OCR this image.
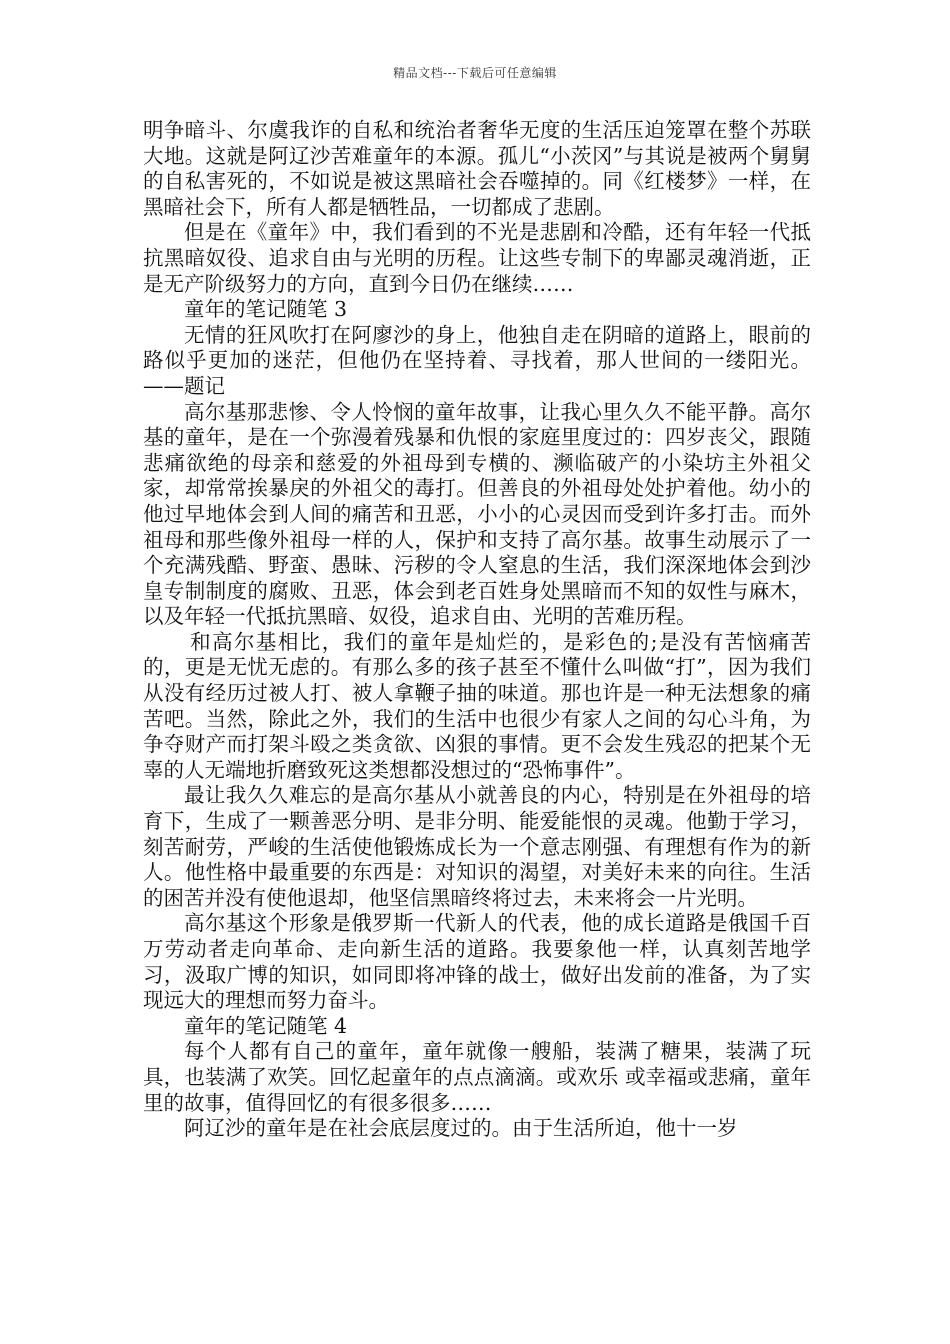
精品文档---下载后可任意编辑

明争暗斗、尔虞我诈的自私和统治者奢华无度的生活压迫笼罩在整个苏联大地。这就是阿辽沙苦难童年的本源。孤儿“小茨冈”与其说是被两个舅舅的自私害死的，不如说是被这黑暗社会吞噬掉的。同《红楼梦》一样，在黑暗社会下，所有人都是牺牲品，一切都成了悲剧。

但是在《童年》中，我们看到的不光是悲剧和冷酷，还有年轻一代抵抗黑暗奴役、追求自由与光明的历程。让这些专制下的卑鄙灵魂消逝，正是无产阶级努力的方向，直到今日仍在继续……

童年的笔记随笔 3

无情的狂风吹打在阿廖沙的身上，他独自走在阴暗的道路上，眼前的路似乎更加的迷茫，但他仍在坚持着、寻找着，那人世间的一缕阳光。——题记

高尔基那悲惨、令人怜悯的童年故事，让我心里久久不能平静。高尔基的童年，是在一个弥漫着残暴和仇恨的家庭里度过的：四岁丧父，跟随悲痛欲绝的母亲和慈爱的外祖母到专横的、濒临破产的小染坊主外祖父家，却常常挨暴戾的外祖父的毒打。但善良的外祖母处处护着他。幼小的他过早地体会到人间的痛苦和丑恶，小小的心灵因而受到许多打击。而外祖母和那些像外祖母一样的人，保护和支持了高尔基。故事生动展示了一个充满残酷、野蛮、愚昧、污秽的令人窒息的生活，我们深深地体会到沙皇专制制度的腐败、丑恶，体会到老百姓身处黑暗而不知的奴性与麻木，以及年轻一代抵抗黑暗、奴役，追求自由、光明的苦难历程。

和高尔基相比，我们的童年是灿烂的，是彩色的;是没有苦恼痛苦的，更是无忧无虑的。有那么多的孩子甚至不懂什么叫做“打”，因为我们从没有经历过被人打、被人拿鞭子抽的味道。那也许是一种无法想象的痛苦吧。当然，除此之外，我们的生活中也很少有家人之间的勾心斗角，为争夺财产而打架斗殴之类贪欲、凶狠的事情。更不会发生残忍的把某个无辜的人无端地折磨致死这类想都没想过的“恐怖事件”。

最让我久久难忘的是高尔基从小就善良的内心，特别是在外祖母的培育下，生成了一颗善恶分明、是非分明、能爱能恨的灵魂。他勤于学习，刻苦耐劳，严峻的生活使他锻炼成长为一个意志刚强、有理想有作为的新人。他性格中最重要的东西是：对知识的渴望，对美好未来的向往。生活的困苦并没有使他退却，他坚信黑暗终将过去，未来将会一片光明。

高尔基这个形象是俄罗斯一代新人的代表，他的成长道路是俄国千百万劳动者走向革命、走向新生活的道路。我要象他一样，认真刻苦地学习，汲取广博的知识，如同即将冲锋的战士，做好出发前的准备，为了实现远大的理想而努力奋斗。

童年的笔记随笔 4

每个人都有自己的童年，童年就像一艘船，装满了糖果，装满了玩具，也装满了欢笑。回忆起童年的点点滴滴。或欢乐 或幸福或悲痛，童年里的故事，值得回忆的有很多很多……

阿辽沙的童年是在社会底层度过的。由于生活所迫，他十一岁
